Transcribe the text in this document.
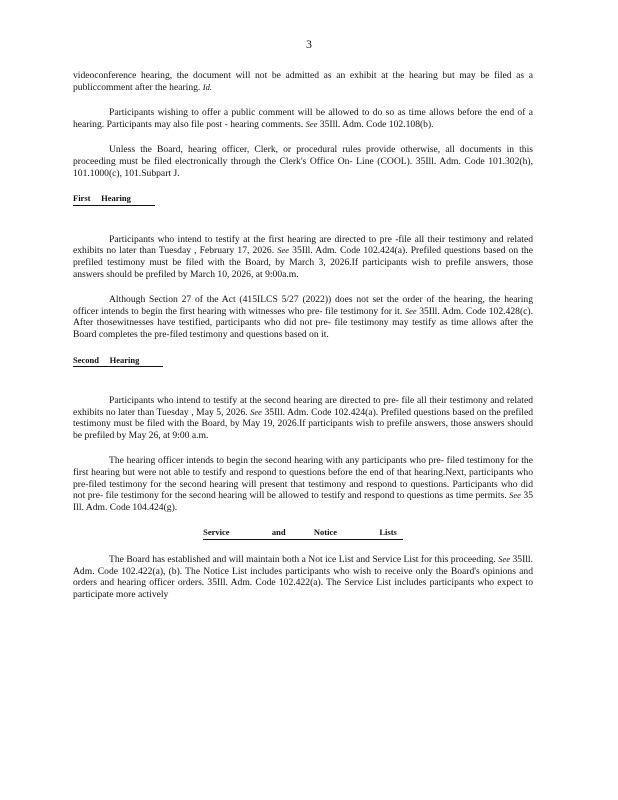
3

videoconference hearing, the document will not be admitted as an exhibit at the hearing but may be filed as a publiccomment after the hearing. Id.

Participants wishing to offer a public comment will be allowed to do so as time allows before the end of a hearing. Participants may also file post - hearing comments. See 35Ill. Adm. Code 102.108(b).

Unless the Board, hearing officer, Clerk, or procedural rules provide otherwise, all documents in this proceeding must be filed electronically through the Clerk's Office On- Line (COOL). 35Ill. Adm. Code 101.302(h), 101.1000(c), 101.Subpart J.

First     Hearing

Participants who intend to testify at the first hearing are directed to pre -file all their testimony and related exhibits no later than Tuesday , February 17, 2026. See 35Ill. Adm. Code 102.424(a). Prefiled questions based on the prefiled testimony must be filed with the Board, by March 3, 2026.If participants wish to prefile answers, those answers should be prefiled by March 10, 2026, at 9:00a.m.

Although Section 27 of the Act (415ILCS 5/27 (2022)) does not set the order of the hearing, the hearing officer intends to begin the first hearing with witnesses who pre- file testimony for it. See 35Ill. Adm. Code 102.428(c). After thosewitnesses have testified, participants who did not pre- file testimony may testify as time allows after the Board completes the pre-filed testimony and questions based on it.

Second     Hearing

Participants who intend to testify at the second hearing are directed to pre- file all their testimony and related exhibits no later than Tuesday , May 5, 2026. See 35Ill. Adm. Code 102.424(a). Prefiled questions based on the prefiled testimony must be filed with the Board, by May 19, 2026.If participants wish to prefile answers, those answers should be prefiled by May 26, at 9:00 a.m.

The hearing officer intends to begin the second hearing with any participants who pre- filed testimony for the first hearing but were not able to testify and respond to questions before the end of that hearing.Next, participants who pre-filed testimony for the second hearing will present that testimony and respond to questions. Participants who did not pre- file testimony for the second hearing will be allowed to testify and respond to questions as time permits. See 35 Ill. Adm. Code 104.424(g).

Service   and  Notice   Lists

The Board has established and will maintain both a Not ice List and Service List for this proceeding. See 35Ill. Adm. Code 102.422(a), (b). The Notice List includes participants who wish to receive only the Board's opinions and orders and hearing officer orders. 35Ill. Adm. Code 102.422(a). The Service List includes participants who expect to participate more actively
